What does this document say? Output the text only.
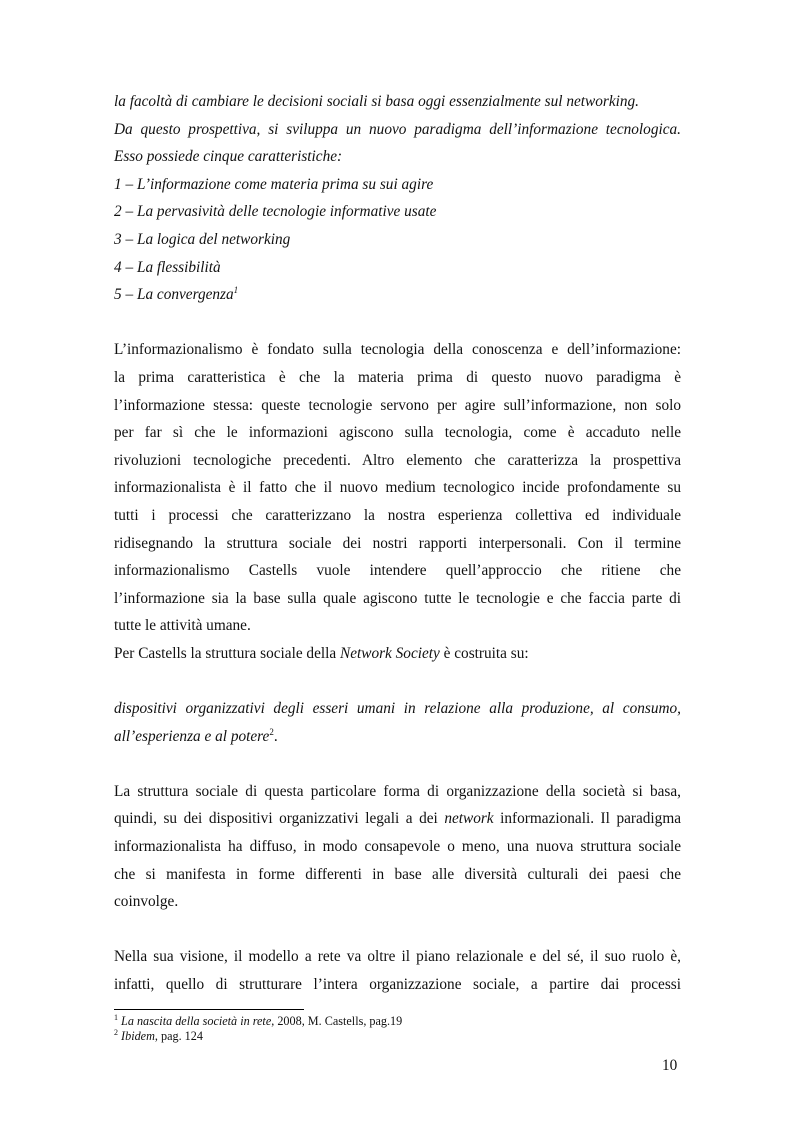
la facoltà di cambiare le decisioni sociali si basa oggi essenzialmente sul networking.
Da questo prospettiva, si sviluppa un nuovo paradigma dell’informazione tecnologica.
Esso possiede cinque caratteristiche:
1 – L’informazione come materia prima su sui agire
2 – La pervasività delle tecnologie informative usate
3 – La logica del networking
4 – La flessibilità
5 – La convergenza$^1$
L’informazionalismo è fondato sulla tecnologia della conoscenza e dell’informazione:
la prima caratteristica è che la materia prima di questo nuovo paradigma è
l’informazione stessa: queste tecnologie servono per agire sull’informazione, non solo
per far sì che le informazioni agiscono sulla tecnologia, come è accaduto nelle
rivoluzioni tecnologiche precedenti. Altro elemento che caratterizza la prospettiva
informazionalista è il fatto che il nuovo medium tecnologico incide profondamente su
tutti i processi che caratterizzano la nostra esperienza collettiva ed individuale
ridisegnando la struttura sociale dei nostri rapporti interpersonali. Con il termine
informazionalismo Castells vuole intendere quell’approccio che ritiene che
l’informazione sia la base sulla quale agiscono tutte le tecnologie e che faccia parte di
tutte le attività umane.
Per Castells la struttura sociale della Network Society è costruita su:
dispositivi organizzativi degli esseri umani in relazione alla produzione, al consumo,
all’esperienza e al potere$^2$.
La struttura sociale di questa particolare forma di organizzazione della società si basa,
quindi, su dei dispositivi organizzativi legali a dei network informazionali. Il paradigma
informazionalista ha diffuso, in modo consapevole o meno, una nuova struttura sociale
che si manifesta in forme differenti in base alle diversità culturali dei paesi che
coinvolge.
Nella sua visione, il modello a rete va oltre il piano relazionale e del sé, il suo ruolo è,
infatti, quello di strutturare l’intera organizzazione sociale, a partire dai processi
$^1$ La nascita della società in rete, 2008, M. Castells, pag.19
$^2$ Ibidem, pag. 124
10
